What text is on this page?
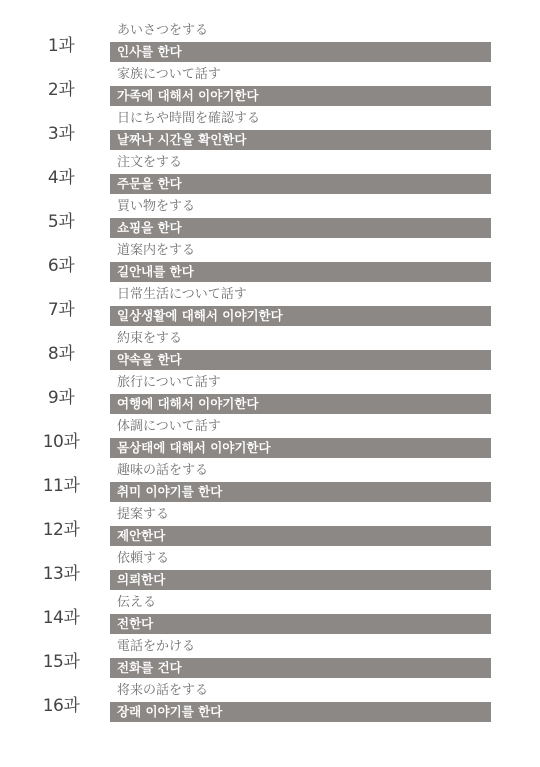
1과
あいさつをする
인사를 한다
2과
家族について話す
가족에 대해서 이야기한다
3과
日にちや時間を確認する
날짜나 시간을 확인한다
4과
注文をする
주문을 한다
5과
買い物をする
쇼핑을 한다
6과
道案内をする
길안내를 한다
7과
日常生活について話す
일상생활에 대해서 이야기한다
8과
約束をする
약속을 한다
9과
旅行について話す
여행에 대해서 이야기한다
10과
体調について話す
몸상태에 대해서 이야기한다
11과
趣味の話をする
취미 이야기를 한다
12과
提案する
제안한다
13과
依頼する
의뢰한다
14과
伝える
전한다
15과
電話をかける
전화를 건다
16과
将来の話をする
장래 이야기를 한다
